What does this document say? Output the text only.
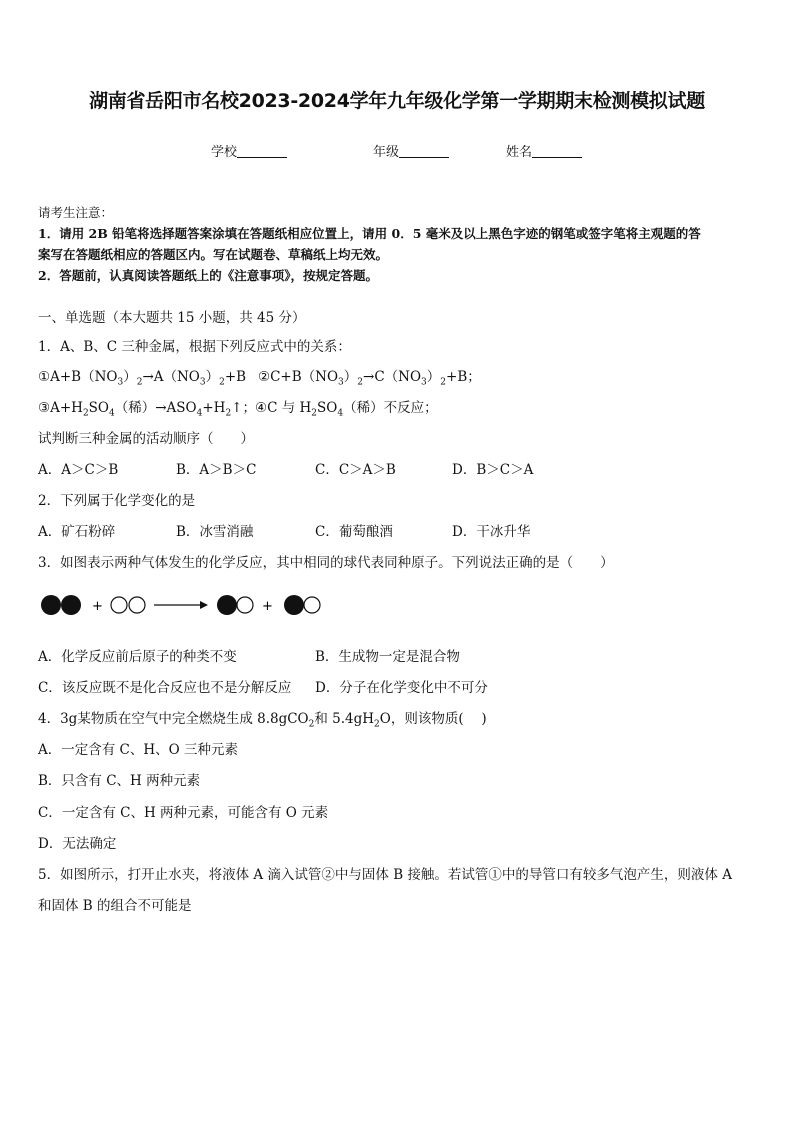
湖南省岳阳市名校2023-2024学年九年级化学第一学期期末检测模拟试题
学校	年级	姓名
请考生注意：
1．请用 2B 铅笔将选择题答案涂填在答题纸相应位置上，请用 0．5 毫米及以上黑色字迹的钢笔或签字笔将主观题的答
案写在答题纸相应的答题区内。写在试题卷、草稿纸上均无效。
2．答题前，认真阅读答题纸上的《注意事项》，按规定答题。
一、单选题（本大题共 15 小题，共 45 分）
1．A、B、C 三种金属，根据下列反应式中的关系：
$①A+B(NO_3)_2\to A(NO_3)_2+B$ $②C+B(NO_3)_2\to C(NO_3)_2+B$；
$③A+H_2SO_4$（稀）$\to ASO_4+H_2↑$； ④C 与 $H_2SO_4$（稀）不反应；
试判断三种金属的活动顺序（　　）
A．A＞C＞B	B．A＞B＞C	C．C＞A＞B	D．B＞C＞A
2．下列属于化学变化的是
A．矿石粉碎	B．冰雪消融	C．葡萄酿酒	D．干冰升华
3．如图表示两种气体发生的化学反应，其中相同的球代表同种原子。下列说法正确的是（　　）
+	+
A．化学反应前后原子的种类不变	B．生成物一定是混合物
C．该反应既不是化合反应也不是分解反应 D．分子在化学变化中不可分
4．3g某物质在空气中完全燃烧生成 8.8gCO$_2$和 $5.4gH_2O$，则该物质(　 )
A．一定含有 C、H、O 三种元素
B．只含有 C、H 两种元素
C．一定含有 C、H 两种元素，可能含有 O 元素
D．无法确定
5．如图所示，打开止水夹，将液体 A 滴入试管②中与固体 B 接触。若试管①中的导管口有较多气泡产生，则液体 A
和固体 B 的组合不可能是
